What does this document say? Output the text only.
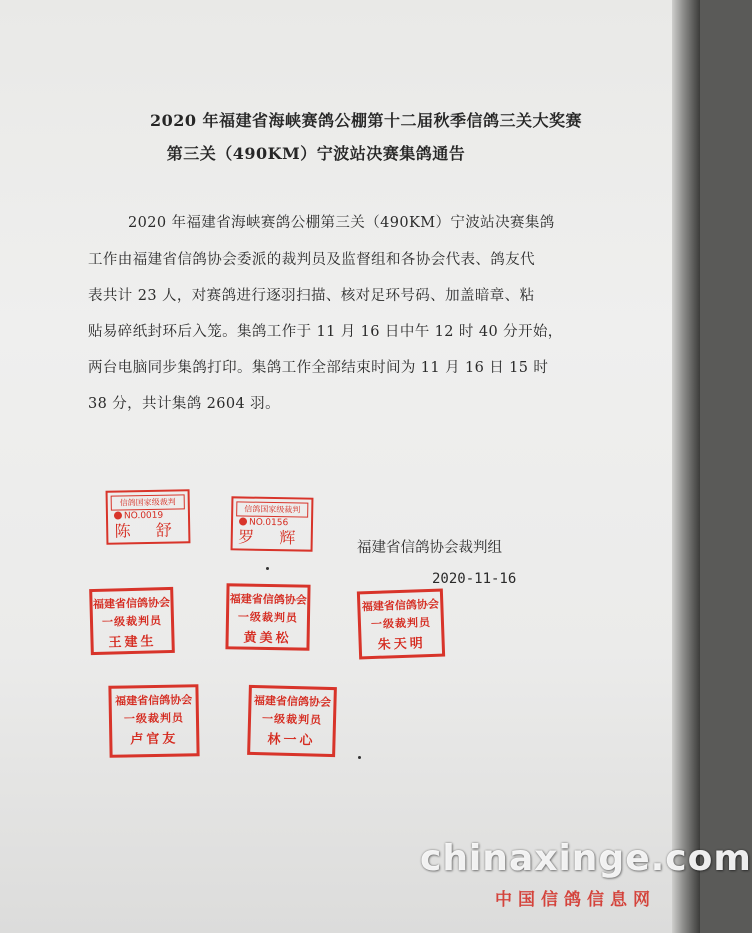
2020 年福建省海峡赛鸽公棚第十二届秋季信鸽三关大奖赛
第三关（490KM）宁波站决赛集鸽通告
2020 年福建省海峡赛鸽公棚第三关（490KM）宁波站决赛集鸽
工作由福建省信鸽协会委派的裁判员及监督组和各协会代表、鸽友代
表共计 23 人，对赛鸽进行逐羽扫描、核对足环号码、加盖暗章、粘
贴易碎纸封环后入笼。集鸽工作于 11 月 16 日中午 12 时 40 分开始，
两台电脑同步集鸽打印。集鸽工作全部结束时间为 11 月 16 日 15 时
38 分，共计集鸽 2604 羽。
信鸽国家级裁判
NO.0019
陈 舒
信鸽国家级裁判
NO.0156
罗 辉
福建省信鸽协会裁判组
2020-11-16
福建省信鸽协会
一级裁判员
王建生
福建省信鸽协会
一级裁判员
黄美松
福建省信鸽协会
一级裁判员
朱天明
福建省信鸽协会
一级裁判员
卢官友
福建省信鸽协会
一级裁判员
林一心
chinaxinge.com
中国信鸽信息网
